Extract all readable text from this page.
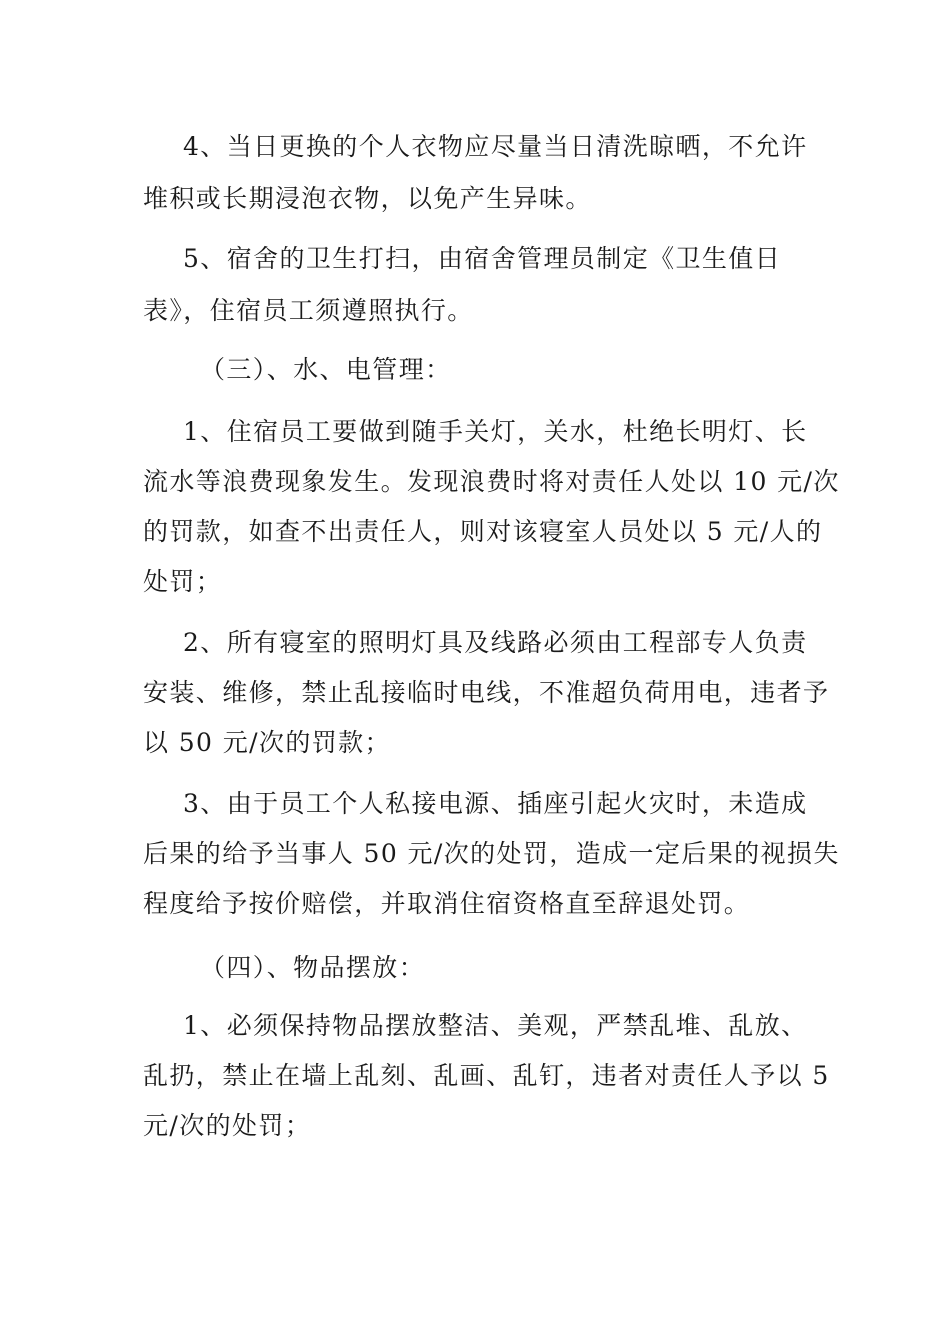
4、当日更换的个人衣物应尽量当日清洗晾晒，不允许
堆积或长期浸泡衣物，以免产生异味。
5、宿舍的卫生打扫，由宿舍管理员制定《卫生值日
表》，住宿员工须遵照执行。
（三）、水、电管理：
1、住宿员工要做到随手关灯，关水，杜绝长明灯、长
流水等浪费现象发生。发现浪费时将对责任人处以 10 元/次
的罚款，如查不出责任人，则对该寝室人员处以 5 元/人的
处罚；
2、所有寝室的照明灯具及线路必须由工程部专人负责
安装、维修，禁止乱接临时电线，不准超负荷用电，违者予
以 50 元/次的罚款；
3、由于员工个人私接电源、插座引起火灾时，未造成
后果的给予当事人 50 元/次的处罚，造成一定后果的视损失
程度给予按价赔偿，并取消住宿资格直至辞退处罚。
（四）、物品摆放：
1、必须保持物品摆放整洁、美观，严禁乱堆、乱放、
乱扔，禁止在墙上乱刻、乱画、乱钉，违者对责任人予以 5
元/次的处罚；
